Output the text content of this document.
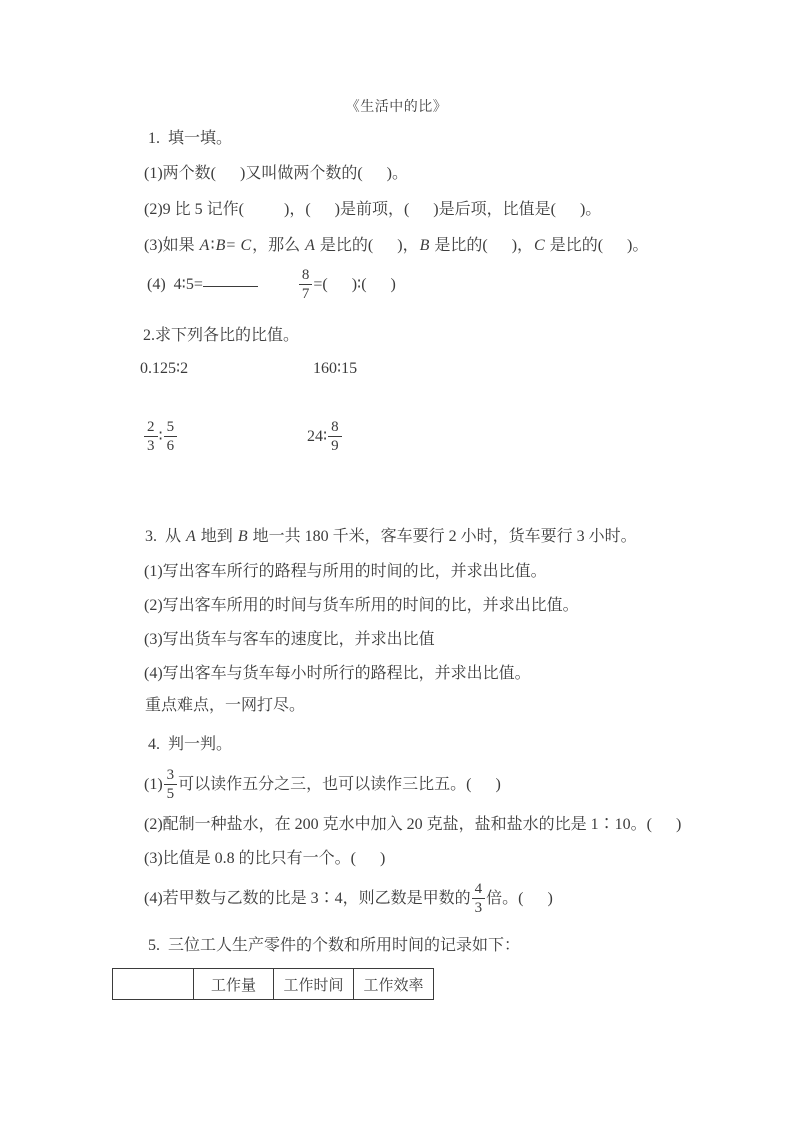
《生活中的比》
1.  填一填。
(1)两个数(      )又叫做两个数的(      )。
(2)9 比 5 记作(          )，(      )是前项，(      )是后项，比值是(      )。
(3)如果 A ∶ B = C ，那么 A 是比的(      )， B 是比的(      )， C 是比的(      )。
(4)  4∶5=
	$\frac{8}{7}$ =(      )∶(      )
2.求下列各比的比值。
0.125∶2	160∶15
$\frac{2}{3}$ ∶ $\frac{5}{6}$	24∶ $\frac{8}{9}$
3.  从 A 地到 B 地一共 180 千米，客车要行 2 小时，货车要行 3 小时。
(1)写出客车所行的路程与所用的时间的比，并求出比值。
(2)写出客车所用的时间与货车所用的时间的比，并求出比值。
(3)写出货车与客车的速度比，并求出比值
(4)写出客车与货车每小时所行的路程比，并求出比值。
重点难点，一网打尽。
4.  判一判。
$(1) \frac{3}{5}$ 可以读作五分之三，也可以读作三比五。(      )
(2)配制一种盐水，在 200 克水中加入 20 克盐，盐和盐水的比是 1∶10。(      )
(3)比值是 0.8 的比只有一个。(      )
(4)若甲数与乙数的比是 3∶4，则乙数是甲数的 $\frac{4}{3}$ 倍。(      )
5.  三位工人生产零件的个数和所用时间的记录如下：
	工作量	工作时间	工作效率
